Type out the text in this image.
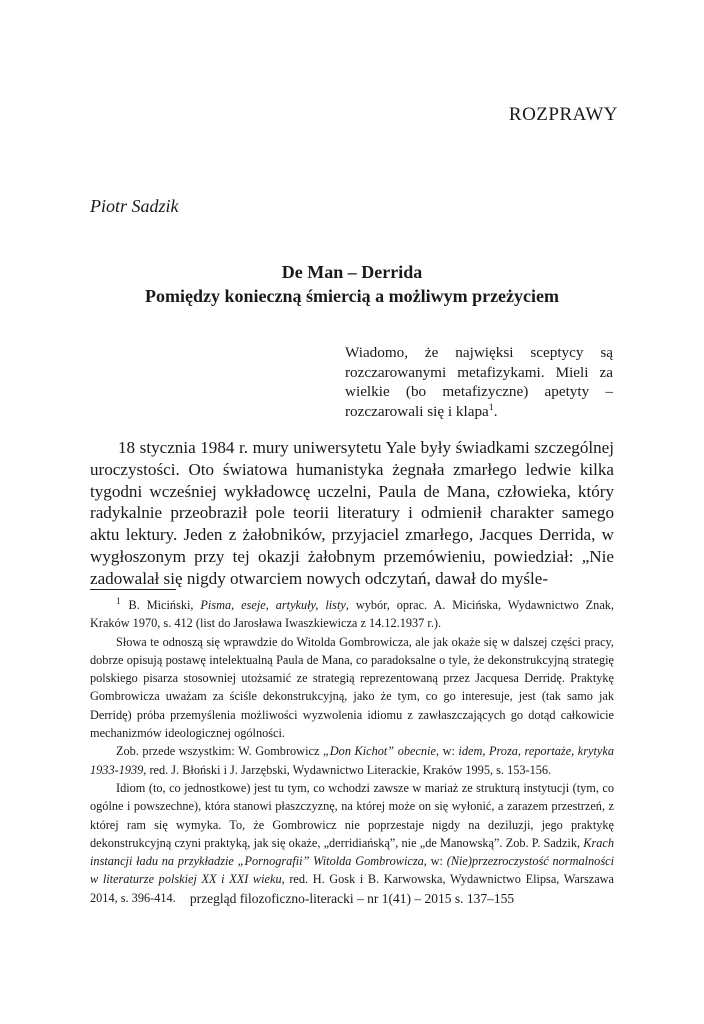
ROZPRAWY
Piotr Sadzik
De Man – Derrida
Pomiędzy konieczną śmiercią a możliwym przeżyciem
Wiadomo, że najwięksi sceptycy są rozczarowanymi metafizykami. Mieli za wielkie (bo metafizyczne) apetyty – rozczarowali się i klapa$^1$.

18 stycznia 1984 r. mury uniwersytetu Yale były świadkami szczególnej uroczystości. Oto światowa humanistyka żegnała zmarłego ledwie kilka tygodni wcześniej wykładowcę uczelni, Paula de Mana, człowieka, który radykalnie przeobraził pole teorii literatury i odmienił charakter samego aktu lektury. Jeden z żałobników, przyjaciel zmarłego, Jacques Derrida, w wygłoszonym przy tej okazji żałobnym przemówieniu, powiedział: „Nie zadowalał się nigdy otwarciem nowych odczytań, dawał do myśle-

$^1$ B. Miciński, Pisma, eseje, artykuły, listy, wybór, oprac. A. Micińska, Wydawnictwo Znak, Kraków 1970, s. 412 (list do Jarosława Iwaszkiewicza z 14.12.1937 r.).

Słowa te odnoszą się wprawdzie do Witolda Gombrowicza, ale jak okaże się w dalszej części pracy, dobrze opisują postawę intelektualną Paula de Mana, co paradoksalne o tyle, że dekonstrukcyjną strategię polskiego pisarza stosowniej utożsamić ze strategią reprezentowaną przez Jacquesa Derridę. Praktykę Gombrowicza uważam za ściśle dekonstrukcyjną, jako że tym, co go interesuje, jest (tak samo jak Derridę) próba przemyślenia możliwości wyzwolenia idiomu z zawłaszczających go dotąd całkowicie mechanizmów ideologicznej ogólności.

Zob. przede wszystkim: W. Gombrowicz „Don Kichot” obecnie, w: idem, Proza, reportaże, krytyka 1933-1939, red. J. Błoński i J. Jarzębski, Wydawnictwo Literackie, Kraków 1995, s. 153-156.

Idiom (to, co jednostkowe) jest tu tym, co wchodzi zawsze w mariaż ze strukturą instytucji (tym, co ogólne i powszechne), która stanowi płaszczyznę, na której może on się wyłonić, a zarazem przestrzeń, z której ram się wymyka. To, że Gombrowicz nie poprzestaje nigdy na deziluzji, jego praktykę dekonstrukcyjną czyni praktyką, jak się okaże, „derridiańską”, nie „de Manowską”. Zob. P. Sadzik, Krach instancji ładu na przykładzie „Pornografii” Witolda Gombrowicza, w: (Nie)przezroczystość normalności w literaturze polskiej XX i XXI wieku, red. H. Gosk i B. Karwowska, Wydawnictwo Elipsa, Warszawa 2014, s. 396-414.	przegląd filozoficzno-literacki – nr 1(41) – 2015 s. 137–155
